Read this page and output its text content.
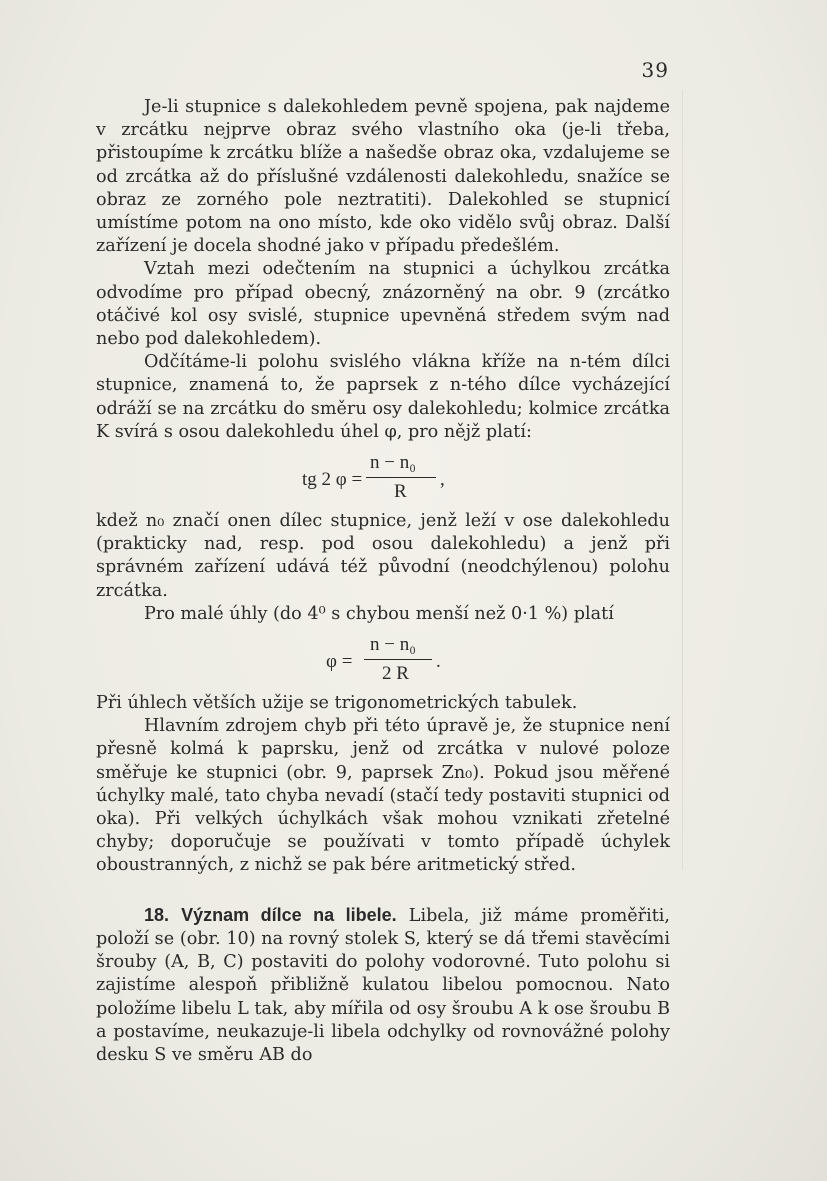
39

Je-li stupnice s dalekohledem pevně spojena, pak najdeme v zrcátku nejprve obraz svého vlastního oka (je-li třeba, přistoupíme k zrcátku blíže a našedše obraz oka, vzdalujeme se od zrcátka až do příslušné vzdálenosti dalekohledu, snažíce se obraz ze zorného pole neztratiti). Dalekohled se stupnicí umístíme potom na ono místo, kde oko vidělo svůj obraz. Další zařízení je docela shodné jako v případu předešlém.

Vztah mezi odečtením na stupnici a úchylkou zrcátka odvodíme pro případ obecný, znázorněný na obr. 9 (zrcátko otáčivé kol osy svislé, stupnice upevněná středem svým nad nebo pod dalekohledem).

Odčítáme-li polohu svislého vlákna kříže na n-tém dílci stupnice, znamená to, že paprsek z n-tého dílce vycházející odráží se na zrcátku do směru osy dalekohledu; kolmice zrcátka K svírá s osou dalekohledu úhel φ, pro nějž platí:

tg 2 φ =
n − n₀
R
,

kdež n₀ značí onen dílec stupnice, jenž leží v ose dalekohledu (prakticky nad, resp. pod osou dalekohledu) a jenž při správném zařízení udává též původní (neodchýlenou) polohu zrcátka.

Pro malé úhly (do 4⁰ s chybou menší než 0·1 %) platí

φ =
n − n₀
2 R
.

Při úhlech větších užije se trigonometrických tabulek.

Hlavním zdrojem chyb při této úpravě je, že stupnice není přesně kolmá k paprsku, jenž od zrcátka v nulové poloze směřuje ke stupnici (obr. 9, paprsek Zn₀). Pokud jsou měřené úchylky malé, tato chyba nevadí (stačí tedy postaviti stupnici od oka). Při velkých úchylkách však mohou vznikati zřetelné chyby; doporučuje se používati v tomto případě úchylek oboustranných, z nichž se pak bére aritmetický střed.

18. Význam dílce na libele. Libela, již máme proměřiti, položí se (obr. 10) na rovný stolek S, který se dá třemi stavěcími šrouby (A, B, C) postaviti do polohy vodorovné. Tuto polohu si zajistíme alespoň přibližně kulatou libelou pomocnou. Nato položíme libelu L tak, aby mířila od osy šroubu A k ose šroubu B a postavíme, neukazuje-li libela odchylky od rovnovážné polohy desku S ve směru AB do
